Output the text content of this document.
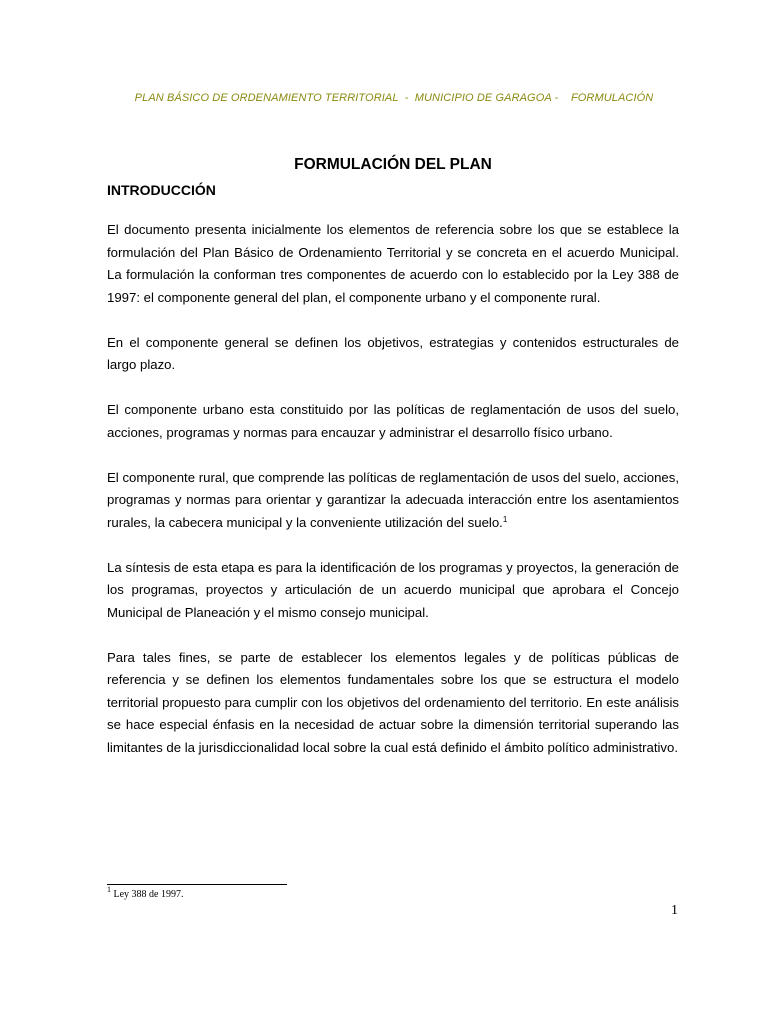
PLAN BÁSICO DE ORDENAMIENTO TERRITORIAL  -  MUNICIPIO DE GARAGOA -    FORMULACIÓN
FORMULACIÓN DEL PLAN
INTRODUCCIÓN

El documento presenta inicialmente los elementos de referencia sobre los que se establece la formulación del Plan Básico de Ordenamiento Territorial y se concreta en el acuerdo Municipal. La formulación la conforman tres componentes de acuerdo con lo establecido por la Ley 388 de 1997: el componente general del plan, el componente urbano y el componente rural.

En el componente general se definen los objetivos, estrategias y contenidos estructurales de largo plazo.

El componente urbano esta constituido por las políticas de reglamentación de usos del suelo, acciones, programas y normas para encauzar y administrar el desarrollo físico urbano.

El componente rural, que comprende las políticas de reglamentación de usos del suelo, acciones, programas y normas para orientar y garantizar la adecuada interacción entre los asentamientos rurales, la cabecera municipal y la conveniente utilización del suelo.$^1$

La síntesis de esta etapa es para la identificación de los programas y proyectos, la generación de los programas, proyectos y articulación de un acuerdo municipal que aprobara el Concejo Municipal de Planeación y el mismo consejo municipal.

Para tales fines, se parte de establecer los elementos legales y de políticas públicas de referencia y se definen los elementos fundamentales sobre los que se estructura el modelo territorial propuesto para cumplir con los objetivos del ordenamiento del territorio. En este análisis se hace especial énfasis en la necesidad de actuar sobre la dimensión territorial superando las limitantes de la jurisdiccionalidad local sobre la cual está definido el ámbito político administrativo.

$^1$ Ley 388 de 1997.
1
